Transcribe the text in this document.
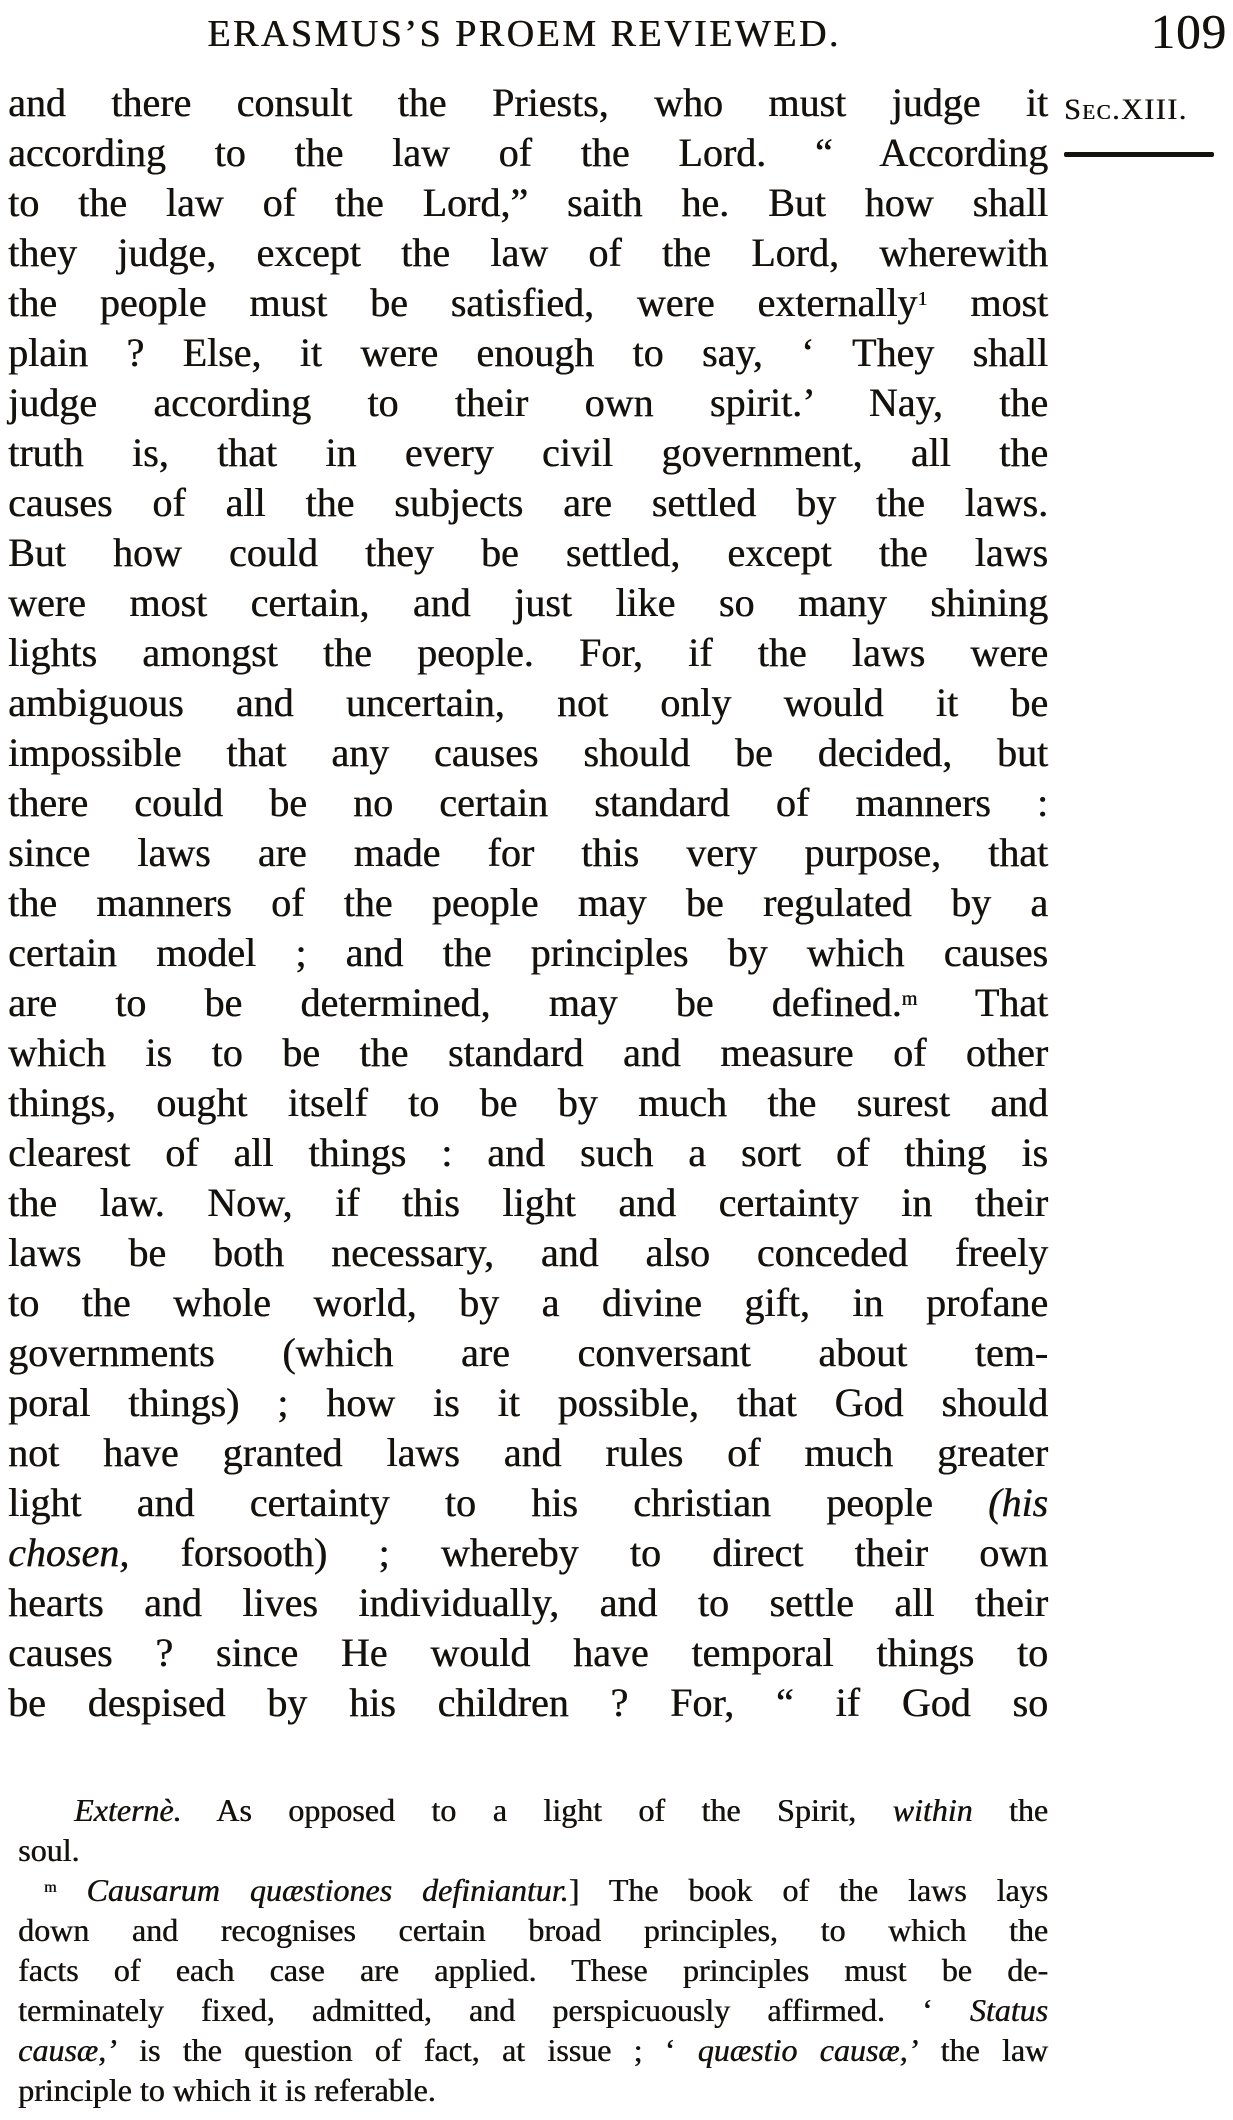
ERASMUS’S PROEM REVIEWED.	109
and there consult the Priests, who must judge it
according to the law of the Lord. “ According
to the law of the Lord,” saith he. But how shall
they judge, except the law of the Lord, wherewith
the people must be satisfied, were externally$^1$ most
plain ? Else, it were enough to say, ‘ They shall
judge according to their own spirit.’ Nay, the
truth is, that in every civil government, all the
causes of all the subjects are settled by the laws.
But how could they be settled, except the laws
were most certain, and just like so many shining
lights amongst the people. For, if the laws were
ambiguous and uncertain, not only would it be
impossible that any causes should be decided, but
there could be no certain standard of manners :
since laws are made for this very purpose, that
the manners of the people may be regulated by a
certain model ; and the principles by which causes
are to be determined, may be defined.$^m$ That
which is to be the standard and measure of other
things, ought itself to be by much the surest and
clearest of all things : and such a sort of thing is
the law. Now, if this light and certainty in their
laws be both necessary, and also conceded freely
to the whole world, by a divine gift, in profane
governments (which are conversant about tem-
poral things) ; how is it possible, that God should
not have granted laws and rules of much greater
light and certainty to his christian people (his
chosen, forsooth) ; whereby to direct their own
hearts and lives individually, and to settle all their
causes ? since He would have temporal things to
be despised by his children ? For, “ if God so
Externè. As opposed to a light of the Spirit, within the
soul.
$^m$ Causarum quæstiones definiantur.] The book of the laws lays
down and recognises certain broad principles, to which the
facts of each case are applied. These principles must be de-
terminately fixed, admitted, and perspicuously affirmed. ‘ Status
causæ,’ is the question of fact, at issue ; ‘ quæstio causæ,’ the law
principle to which it is referable.
Sec.XIII.
